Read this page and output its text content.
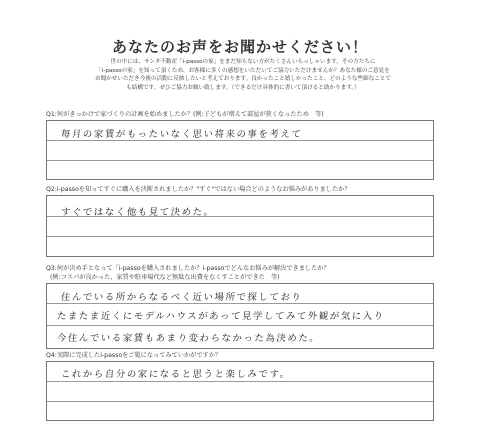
あなたのお声をお聞かせください！
世の中には、サンタ不動産「i-passoの家」をまだ知らない方がたくさんいらっしゃいます。その方たちに
「i-passoの家」を知って頂くため、お客様に多くの感想をいただいてご協力いただけませんか？あなた様のご意見を
お聞かせいただき今後の活動に反映したいと考えております。良かったこと嬉しかったこと、どのような些細なことで
も結構です。ぜひご協力お願い致します。（できるだけ具体的に書いて頂けると助かります。）
Q1:何がきっかけで家づくりの計画を始めましたか？(例:子どもが増えて部屋が狭くなったため　等)
毎月の家賃がもったいなく思い将来の事を考えて
Q2:i-passoを知ってすぐに購入を決断されましたか？"すぐ"ではない場合どのようなお悩みがありましたか？
すぐではなく他も見て決めた。
Q3:何が決め手となって「i-passoを購入されましたか？i-passoでどんなお悩みが解決できましたか？
(例:コスパが良かった、家賃や駐車場代など無駄な出費をなくすことができた　等)
住んでいる所からなるべく近い場所で探しており
たまたま近くにモデルハウスがあって見学してみて外観が気に入り
今住んでいる家賃もあまり変わらなかった為決めた。
Q4:実際に完成したi-passoをご覧になってみていかがですか？
これから自分の家になると思うと楽しみです。
